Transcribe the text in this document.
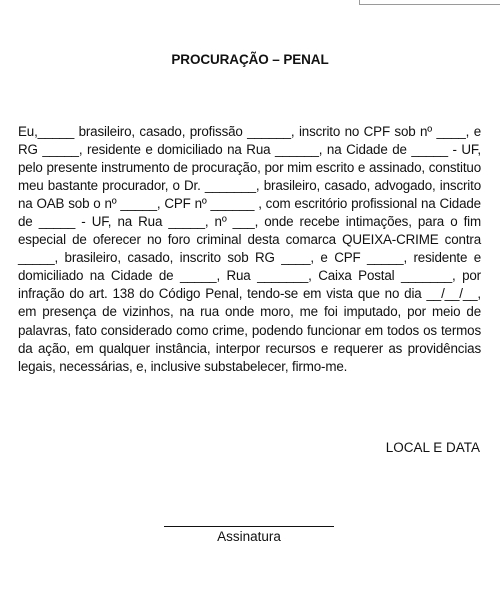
PROCURAÇÃO – PENAL

Eu,_____ brasileiro, casado, profissão ______, inscrito no CPF sob nº ____, e RG _____, residente e domiciliado na Rua ______, na Cidade de _____ - UF, pelo presente instrumento de procuração, por mim escrito e assinado, constituo meu bastante procurador, o Dr. _______, brasileiro, casado, advogado, inscrito na OAB sob o nº _____, CPF nº ______ , com escritório profissional na Cidade de _____ - UF, na Rua _____, nº ___, onde recebe intimações, para o fim especial de oferecer no foro criminal desta comarca QUEIXA-CRIME contra _____, brasileiro, casado, inscrito sob RG ____, e CPF _____, residente e domiciliado na Cidade de _____, Rua _______, Caixa Postal _______, por infração do art. 138 do Código Penal, tendo-se em vista que no dia __/__/__, em presença de vizinhos, na rua onde moro, me foi imputado, por meio de palavras, fato considerado como crime, podendo funcionar em todos os termos da ação, em qualquer instância, interpor recursos e requerer as providências legais, necessárias, e, inclusive substabelecer, firmo-me.

LOCAL E DATA
Assinatura
